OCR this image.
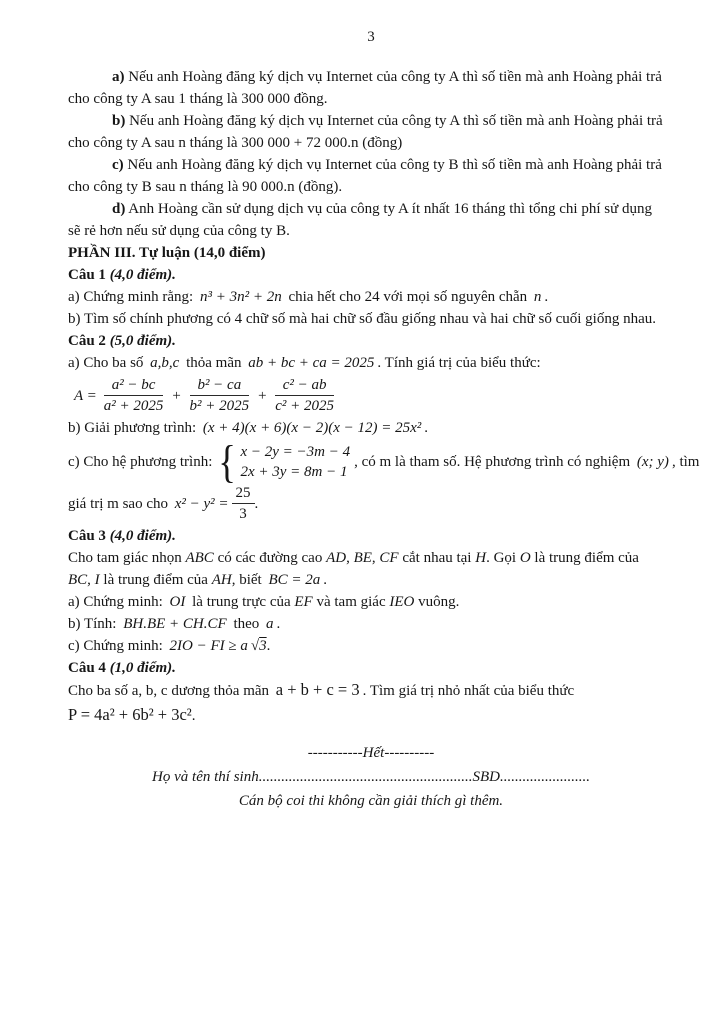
3

a) Nếu anh Hoàng đăng ký dịch vụ Internet của công ty A thì số tiền mà anh Hoàng phải trả
cho công ty A sau 1 tháng là 300 000 đồng.

b) Nếu anh Hoàng đăng ký dịch vụ Internet của công ty A thì số tiền mà anh Hoàng phải trả
cho công ty A sau n tháng là 300 000 + 72 000.n (đồng)

c) Nếu anh Hoàng đăng ký dịch vụ Internet của công ty B thì số tiền mà anh Hoàng phải trả
cho công ty B sau n tháng là 90 000.n (đồng).

d) Anh Hoàng cần sử dụng dịch vụ của công ty A ít nhất 16 tháng thì tổng chi phí sử dụng
sẽ rẻ hơn nếu sử dụng của công ty B.

PHẦN III. Tự luận (14,0 điểm)

Câu 1 (4,0 điểm).

a) Chứng minh rằng: n³ + 3n² + 2n chia hết cho 24 với mọi số nguyên chẵn n .

b) Tìm số chính phương có 4 chữ số mà hai chữ số đầu giống nhau và hai chữ số cuối giống nhau.

Câu 2 (5,0 điểm).

a) Cho ba số a,b,c thỏa mãn ab + bc + ca = 2025 . Tính giá trị của biểu thức:

$A = \frac{\text{a² − bc}}{\text{a² + 2025}} + \frac{\text{b² − ca}}{\text{b² + 2025}} + \frac{\text{c² − ab}}{\text{c² + 2025}}$

b) Giải phương trình: (x + 4)(x + 6)(x − 2)(x − 12) = 25x² .

c) Cho hệ phương trình: { x − 2y = −3m − 4
2x + 3y = 8m − 1
, có m là tham số. Hệ phương trình có nghiệm (x; y) , tìm
giá trị m sao cho $x^2 - y^2 = \frac{25}{3}$ .

Câu 3 (4,0 điểm).

Cho tam giác nhọn ABC có các đường cao AD, BE, CF cắt nhau tại H. Gọi O là trung điểm của
BC, I là trung điểm của AH, biết BC = 2a .

a) Chứng minh: OI là trung trực của EF và tam giác IEO vuông.

b) Tính: BH.BE + CH.CF theo a .

c) Chứng minh: 2IO − FI ≥ a √3.

Câu 4 (1,0 điểm).

Cho ba số a, b, c dương thỏa mãn a + b + c = 3 . Tìm giá trị nhỏ nhất của biểu thức

P = 4a² + 6b² + 3c².

-----------Hết----------

Họ và tên thí sinh.........................................................SBD........................

Cán bộ coi thi không cần giải thích gì thêm.
